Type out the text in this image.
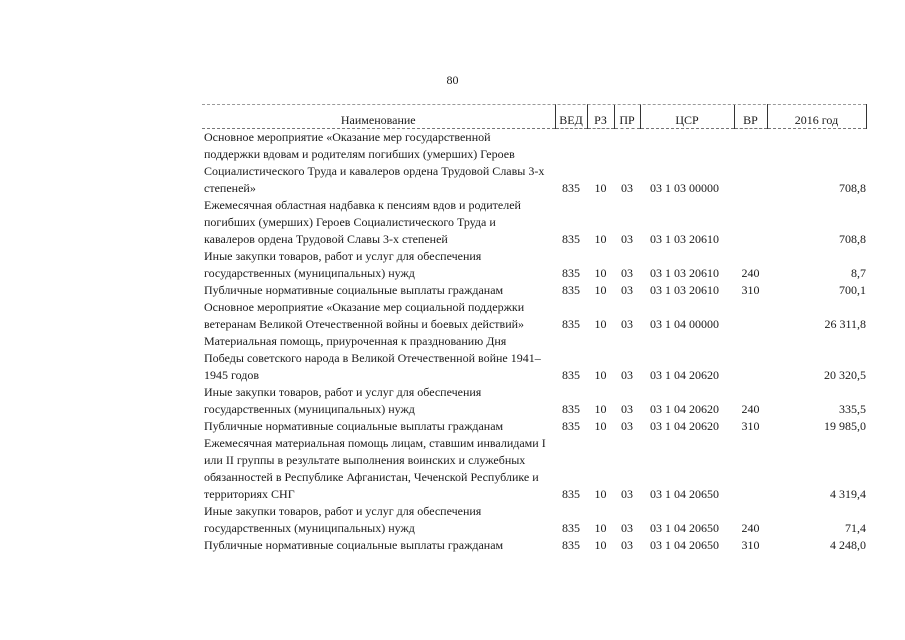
80
Наименование	ВЕД	РЗ	ПР	ЦСР	ВР	2016 год
Основное мероприятие «Оказание мер государственной поддержки вдовам и родителям погибших (умерших) Героев Социалистического Труда и кавалеров ордена Трудовой Славы 3-х степеней»	835	10	03	03 1 03 00000		708,8
Ежемесячная областная надбавка к пенсиям вдов и родителей погибших (умерших) Героев Социалистического Труда и кавалеров ордена Трудовой Славы 3-х степеней	835	10	03	03 1 03 20610		708,8
Иные закупки товаров, работ и услуг для обеспечения государственных (муниципальных) нужд	835	10	03	03 1 03 20610	240	8,7
Публичные нормативные социальные выплаты гражданам	835	10	03	03 1 03 20610	310	700,1
Основное мероприятие «Оказание мер социальной поддержки ветеранам Великой Отечественной войны и боевых действий»	835	10	03	03 1 04 00000		26 311,8
Материальная помощь, приуроченная к празднованию Дня Победы советского народа в Великой Отечественной войне 1941–1945 годов	835	10	03	03 1 04 20620		20 320,5
Иные закупки товаров, работ и услуг для обеспечения государственных (муниципальных) нужд	835	10	03	03 1 04 20620	240	335,5
Публичные нормативные социальные выплаты гражданам	835	10	03	03 1 04 20620	310	19 985,0
Ежемесячная материальная помощь лицам, ставшим инвалидами I или II группы в результате выполнения воинских и служебных обязанностей в Республике Афганистан, Чеченской Республике и территориях СНГ	835	10	03	03 1 04 20650		4 319,4
Иные закупки товаров, работ и услуг для обеспечения государственных (муниципальных) нужд	835	10	03	03 1 04 20650	240	71,4
Публичные нормативные социальные выплаты гражданам	835	10	03	03 1 04 20650	310	4 248,0
